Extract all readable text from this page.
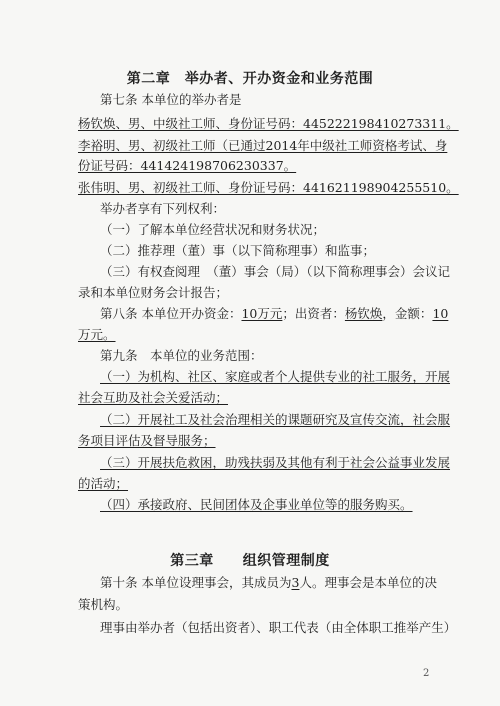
第二章　举办者、开办资金和业务范围
第七条 本单位的举办者是
杨钦焕、男、中级社工师、身份证号码：445222198410273311。
李裕明、男、初级社工师（已通过2014年中级社工师资格考试、身
份证号码：441424198706230337。
张伟明、男、初级社工师、身份证号码：441621198904255510。
举办者享有下列权利：
（一）了解本单位经营状况和财务状况；
（二）推荐理（董）事（以下简称理事）和监事；
（三）有权查阅理　（董）事会（局）（以下简称理事会）会议记
录和本单位财务会计报告；
第八条 本单位开办资金：10万元；出资者：杨钦焕，金额：10
万元。
第九条　本单位的业务范围：
（一）为机构、社区、家庭或者个人提供专业的社工服务，开展
社会互助及社会关爱活动；
（二）开展社工及社会治理相关的课题研究及宣传交流，社会服
务项目评估及督导服务；
（三）开展扶危救困，助残扶弱及其他有利于社会公益事业发展
的活动；
（四）承接政府、民间团体及企事业单位等的服务购买。
第三章　　组织管理制度
第十条 本单位设理事会，其成员为3人。理事会是本单位的决
策机构。
理事由举办者（包括出资者）、职工代表（由全体职工推举产生）
2
